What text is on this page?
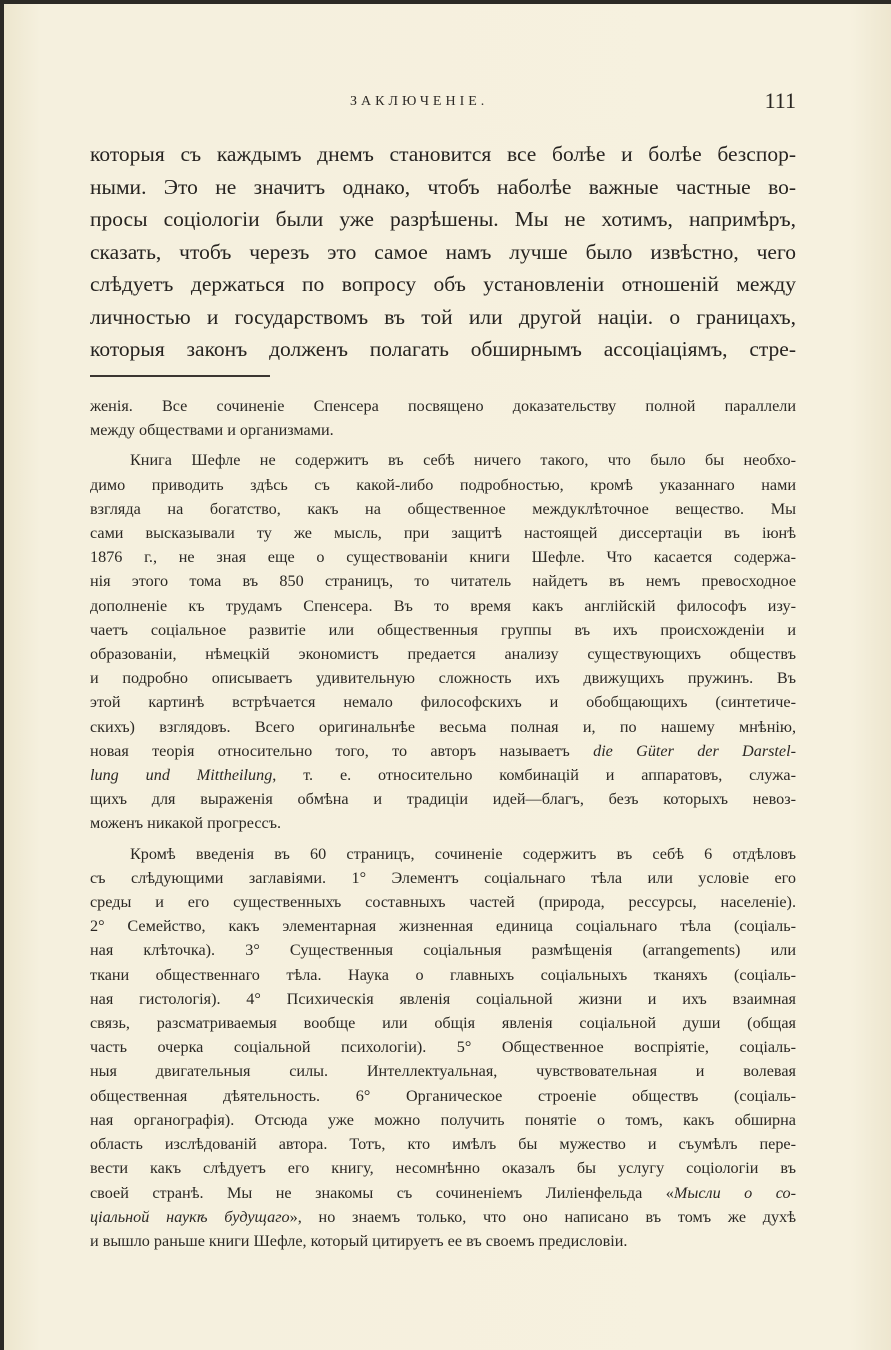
ЗАКЛЮЧЕНІЕ.	111
которыя съ каждымъ днемъ становится все болѣе и болѣе безспор-
ными. Это не значитъ однако, чтобъ наболѣе важные частные во-
просы соціологіи были уже разрѣшены. Мы не хотимъ, напримѣръ,
сказать, чтобъ черезъ это самое намъ лучше было извѣстно, чего
слѣдуетъ держаться по вопросу объ установленіи отношеній между
личностью и государствомъ въ той или другой націи. о границахъ,
которыя законъ долженъ полагать обширнымъ ассоціаціямъ, стре-
женія. Все сочиненіе Спенсера посвящено доказательству полной параллели
между обществами и организмами.
Книга Шефле не содержитъ въ себѣ ничего такого, что было бы необхо-
димо приводить здѣсь съ какой-либо подробностью, кромѣ указаннаго нами
взгляда на богатство, какъ на общественное междуклѣточное вещество. Мы
сами высказывали ту же мысль, при защитѣ настоящей диссертаціи въ іюнѣ
1876 г., не зная еще о существованіи книги Шефле. Что касается содержа-
нія этого тома въ 850 страницъ, то читатель найдетъ въ немъ превосходное
дополненіе къ трудамъ Спенсера. Въ то время какъ англійскій философъ изу-
чаетъ соціальное развитіе или общественныя группы въ ихъ происхожденіи и
образованіи, нѣмецкій экономистъ предается анализу существующихъ обществъ
и подробно описываетъ удивительную сложность ихъ движущихъ пружинъ. Въ
этой картинѣ встрѣчается немало философскихъ и обобщающихъ (синтетиче-
скихъ) взглядовъ. Всего оригинальнѣе весьма полная и, по нашему мнѣнію,
новая теорія относительно того, то авторъ называетъ die Güter der Darstel-
lung und Mittheilung, т. е. относительно комбинацій и аппаратовъ, служа-
щихъ для выраженія обмѣна и традиціи идей—благъ, безъ которыхъ невоз-
моженъ никакой прогрессъ.
Кромѣ введенія въ 60 страницъ, сочиненіе содержитъ въ себѣ 6 отдѣловъ
съ слѣдующими заглавіями. 1° Элементъ соціальнаго тѣла или условіе его
среды и его существенныхъ составныхъ частей (природа, рессурсы, населеніе).
2° Семейство, какъ элементарная жизненная единица соціальнаго тѣла (соціаль-
ная клѣточка). 3° Существенныя соціальныя размѣщенія (arrangements) или
ткани общественнаго тѣла. Наука о главныхъ соціальныхъ тканяхъ (соціаль-
ная гистологія). 4° Психическія явленія соціальной жизни и ихъ взаимная
связь, разсматриваемыя вообще или общія явленія соціальной души (общая
часть очерка соціальной психологіи). 5° Общественное воспріятіе, соціаль-
ныя двигательныя силы. Интеллектуальная, чувствовательная и волевая
общественная дѣятельность. 6° Органическое строеніе обществъ (соціаль-
ная органографія). Отсюда уже можно получить понятіе о томъ, какъ обширна
область изслѣдованій автора. Тотъ, кто имѣлъ бы мужество и съумѣлъ пере-
вести какъ слѣдуетъ его книгу, несомнѣнно оказалъ бы услугу соціологіи въ
своей странѣ. Мы не знакомы съ сочиненіемъ Лиліенфельда «Мысли о со-
ціальной наукѣ будущаго», но знаемъ только, что оно написано въ томъ же духѣ
и вышло раньше книги Шефле, который цитируетъ ее въ своемъ предисловіи.
